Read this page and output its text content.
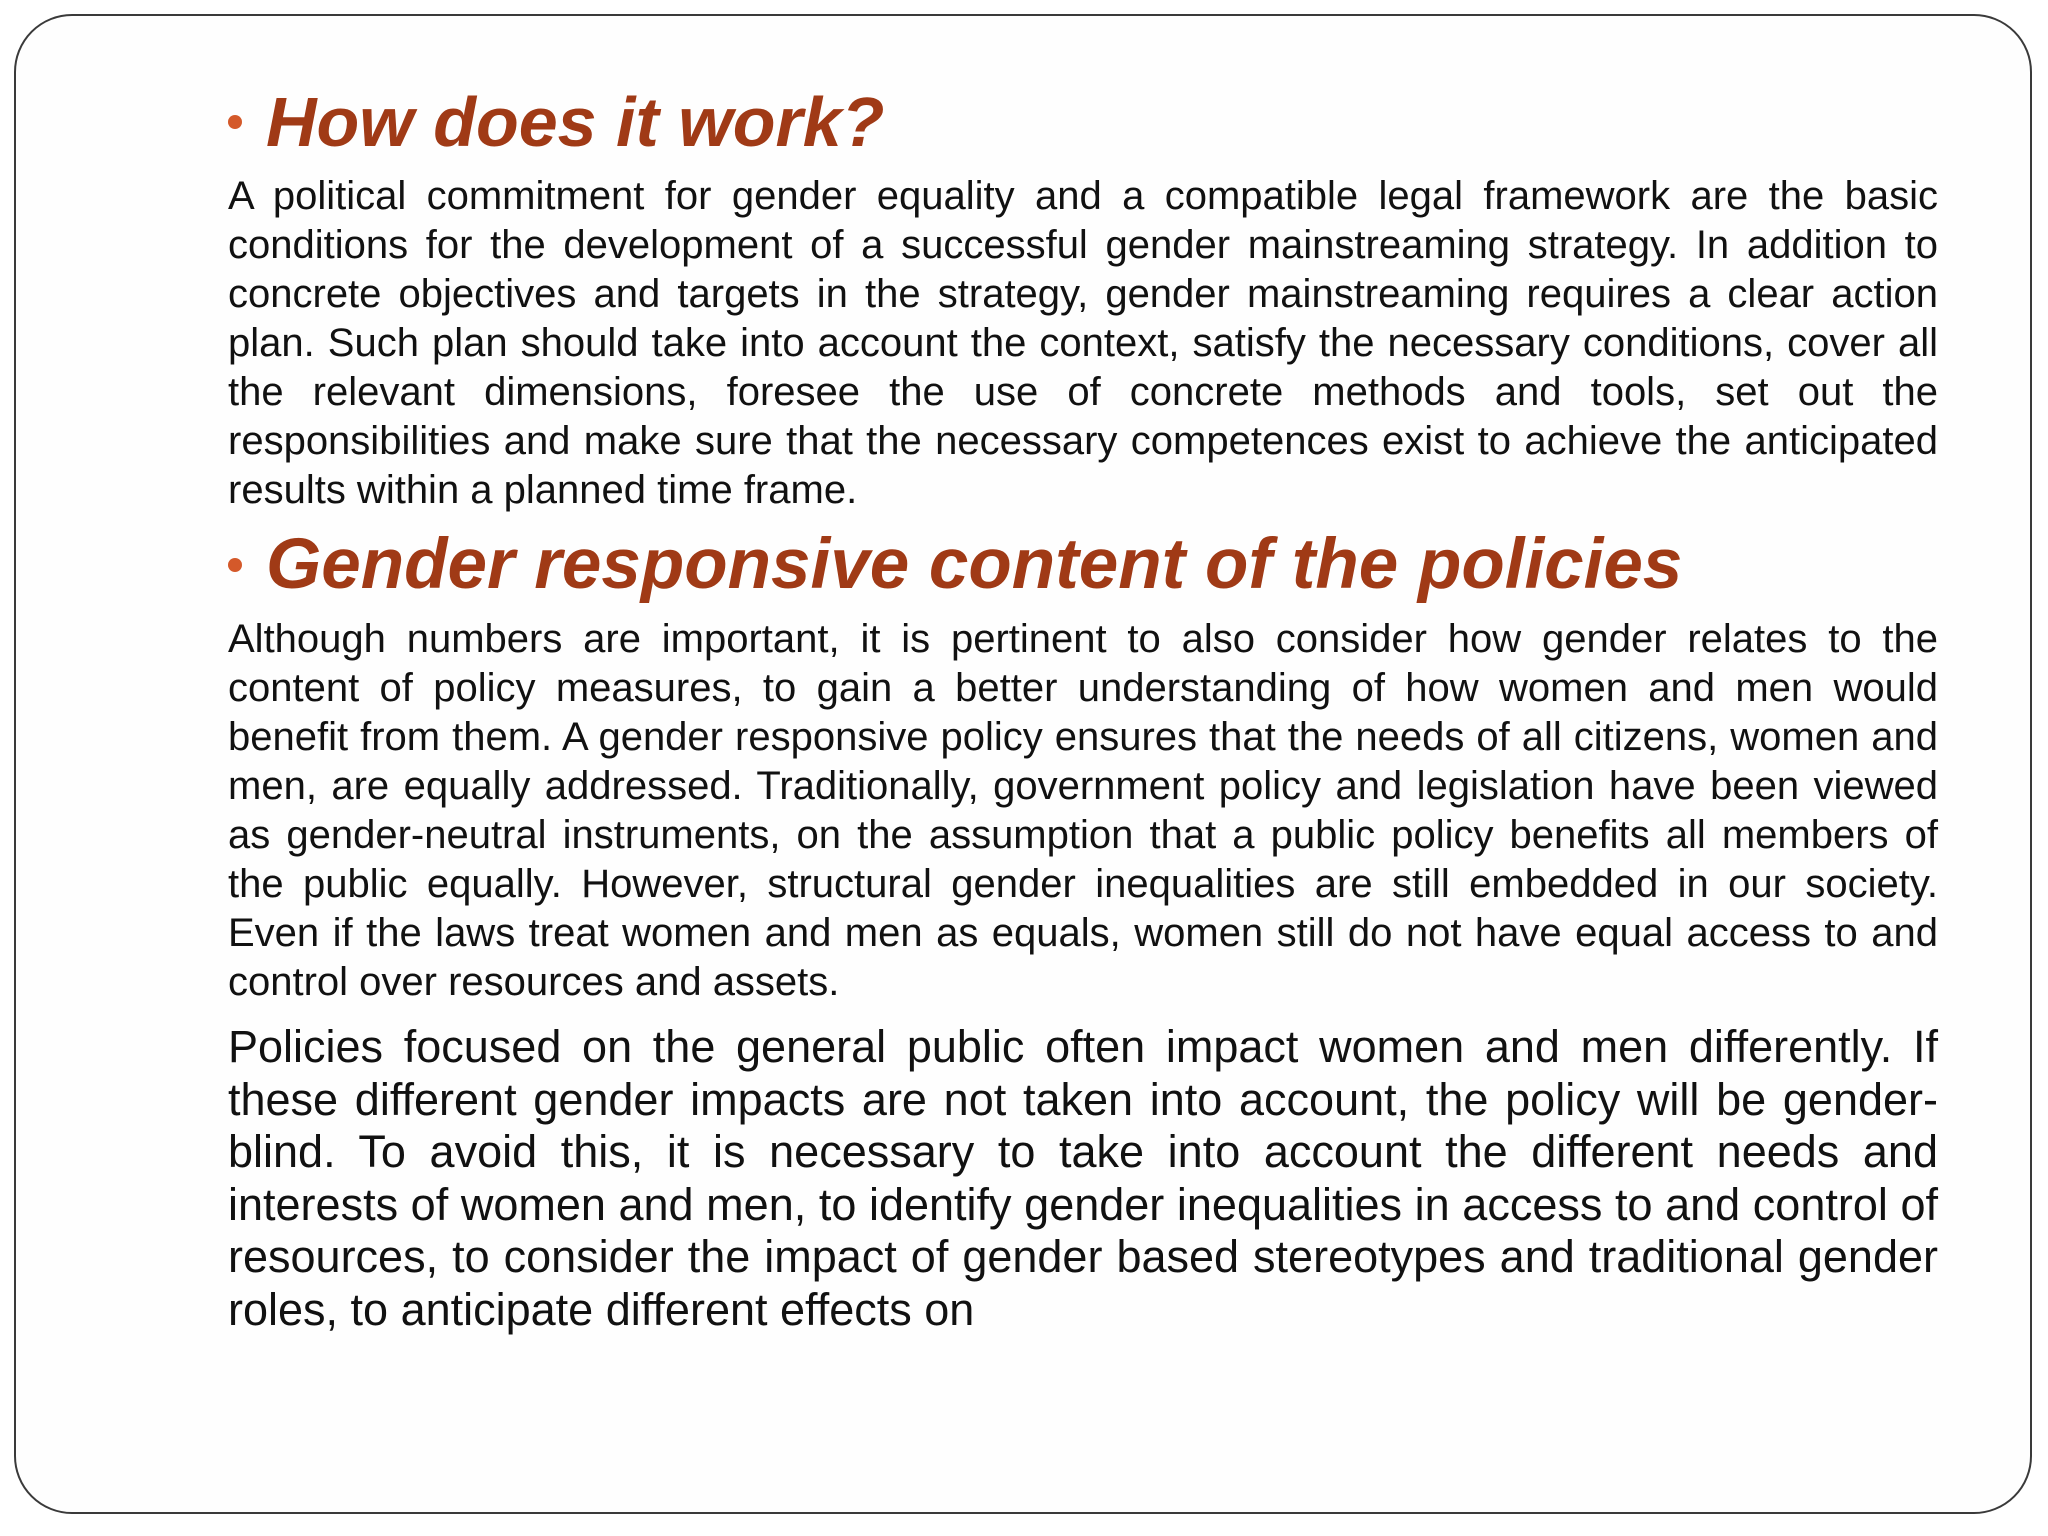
How does it work?

A political commitment for gender equality and a compatible legal framework are the basic conditions for the development of a successful gender mainstreaming strategy. In addition to concrete objectives and targets in the strategy, gender mainstreaming requires a clear action plan. Such plan should take into account the context, satisfy the necessary conditions, cover all the relevant dimensions, foresee the use of concrete methods and tools, set out the responsibilities and make sure that the necessary competences exist to achieve the anticipated results within a planned time frame.

Gender responsive content of the policies

Although numbers are important, it is pertinent to also consider how gender relates to the content of policy measures, to gain a better understanding of how women and men would benefit from them. A gender responsive policy ensures that the needs of all citizens, women and men, are equally addressed. Traditionally, government policy and legislation have been viewed as gender-neutral instruments, on the assumption that a public policy benefits all members of the public equally. However, structural gender inequalities are still embedded in our society. Even if the laws treat women and men as equals, women still do not have equal access to and control over resources and assets.

Policies focused on the general public often impact women and men differently. If these different gender impacts are not taken into account, the policy will be gender-blind. To avoid this, it is necessary to take into account the different needs and interests of women and men, to identify gender inequalities in access to and control of resources, to consider the impact of gender based stereotypes and traditional gender roles, to anticipate different effects on
